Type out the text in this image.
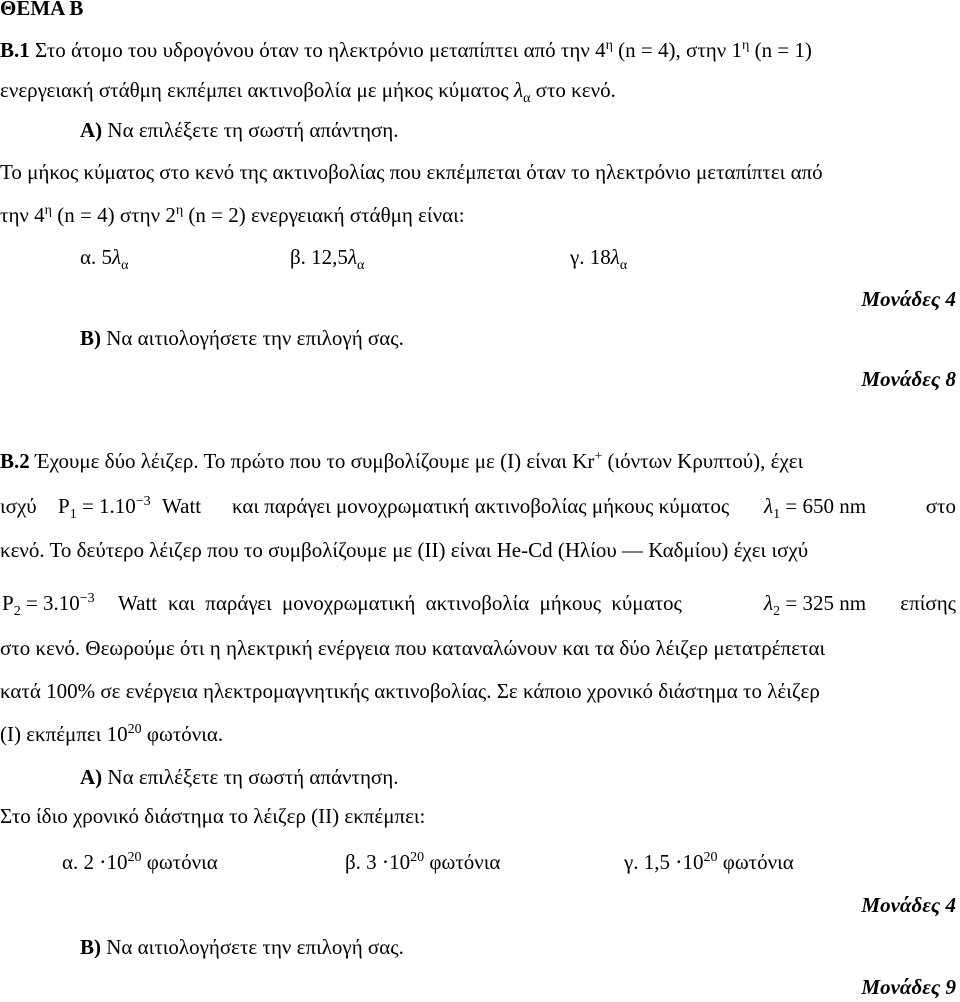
ΘΕΜΑ Β
Β.1 Στο άτομο του υδρογόνου όταν το ηλεκτρόνιο μεταπίπτει από την $4^\eta$ (n = 4), στην $1^\eta$ (n = 1)
ενεργειακή στάθμη εκπέμπει ακτινοβολία με μήκος κύματος $\lambda_\alpha$ στο κενό.
Α) Να επιλέξετε τη σωστή απάντηση.
Το μήκος κύματος στο κενό της ακτινοβολίας που εκπέμπεται όταν το ηλεκτρόνιο μεταπίπτει από
την $4^\eta$ (n = 4) στην $2^\eta$ (n = 2) ενεργειακή στάθμη είναι:
α. $5\lambda_\alpha$	β. $12,5\lambda_\alpha$	γ. $18\lambda_\alpha$
Μονάδες 4
Β) Να αιτιολογήσετε την επιλογή σας.
Μονάδες 8
Β.2 Έχουμε δύο λέιζερ. Το πρώτο που το συμβολίζουμε με (Ι) είναι Kr+ (ιόντων Κρυπτού), έχει
ισχύ $P_1 = 1.10^{-3}$ Watt και παράγει μονοχρωματική ακτινοβολίας μήκους κύματος $\lambda_1 = 650$ nm	στο
κενό. Το δεύτερο λέιζερ που το συμβολίζουμε με (ΙΙ) είναι He-Cd (Ηλίου — Καδμίου) έχει ισχύ
$P_2 = 3.10^{-3}$ Watt και παράγει μονοχρωματική ακτινοβολία μήκους κύματος	$\lambda_2 = 325$ nm επίσης
στο κενό. Θεωρούμε ότι η ηλεκτρική ενέργεια που καταναλώνουν και τα δύο λέιζερ μετατρέπεται
κατά 100% σε ενέργεια ηλεκτρομαγνητικής ακτινοβολίας. Σε κάποιο χρονικό διάστημα το λέιζερ
(Ι) εκπέμπει $10^{20}$ φωτόνια.
Α) Να επιλέξετε τη σωστή απάντηση.
Στο ίδιο χρονικό διάστημα το λέιζερ (ΙΙ) εκπέμπει:
α. $2 \cdot 10^{20}$ φωτόνια	β. $3 \cdot 10^{20}$ φωτόνια	γ. $1,5 \cdot 10^{20}$ φωτόνια
Μονάδες 4
Β) Να αιτιολογήσετε την επιλογή σας.
Μονάδες 9
